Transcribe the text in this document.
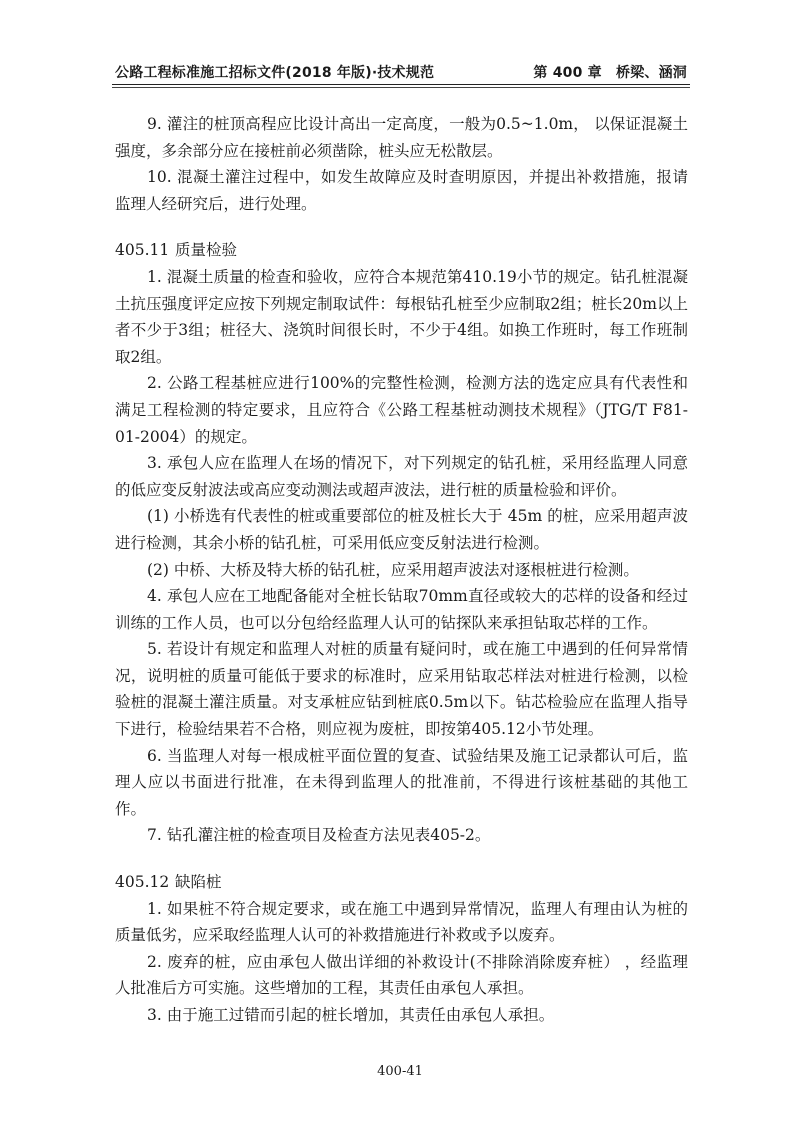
公路工程标准施工招标文件(2018 年版)·技术规范	第 400 章　桥梁、涵洞

9. 灌注的桩顶高程应比设计高出一定高度，一般为0.5~1.0m， 以保证混凝土强度，多余部分应在接桩前必须凿除，桩头应无松散层。

10. 混凝土灌注过程中，如发生故障应及时查明原因，并提出补救措施，报请监理人经研究后，进行处理。

405.11 质量检验

1. 混凝土质量的检查和验收，应符合本规范第410.19小节的规定。钻孔桩混凝土抗压强度评定应按下列规定制取试件：每根钻孔桩至少应制取2组；桩长20m以上者不少于3组；桩径大、浇筑时间很长时，不少于4组。如换工作班时，每工作班制取2组。

2. 公路工程基桩应进行100%的完整性检测，检测方法的选定应具有代表性和满足工程检测的特定要求，且应符合《公路工程基桩动测技术规程》（JTG/T F81-01-2004）的规定。

3. 承包人应在监理人在场的情况下，对下列规定的钻孔桩，采用经监理人同意的低应变反射波法或高应变动测法或超声波法，进行桩的质量检验和评价。

(1) 小桥选有代表性的桩或重要部位的桩及桩长大于 45m 的桩，应采用超声波进行检测，其余小桥的钻孔桩，可采用低应变反射法进行检测。

(2) 中桥、大桥及特大桥的钻孔桩，应采用超声波法对逐根桩进行检测。

4. 承包人应在工地配备能对全桩长钻取70mm直径或较大的芯样的设备和经过训练的工作人员，也可以分包给经监理人认可的钻探队来承担钻取芯样的工作。

5. 若设计有规定和监理人对桩的质量有疑问时，或在施工中遇到的任何异常情况，说明桩的质量可能低于要求的标准时，应采用钻取芯样法对桩进行检测，以检验桩的混凝土灌注质量。对支承桩应钻到桩底0.5m以下。钻芯检验应在监理人指导下进行，检验结果若不合格，则应视为废桩，即按第405.12小节处理。

6. 当监理人对每一根成桩平面位置的复查、试验结果及施工记录都认可后，监理人应以书面进行批准，在未得到监理人的批准前，不得进行该桩基础的其他工作。

7. 钻孔灌注桩的检查项目及检查方法见表405-2。

405.12 缺陷桩

1. 如果桩不符合规定要求，或在施工中遇到异常情况，监理人有理由认为桩的质量低劣，应采取经监理人认可的补救措施进行补救或予以废弃。

2. 废弃的桩，应由承包人做出详细的补救设计(不排除消除废弃桩） ，经监理人批准后方可实施。这些增加的工程，其责任由承包人承担。

3. 由于施工过错而引起的桩长增加，其责任由承包人承担。

400-41
